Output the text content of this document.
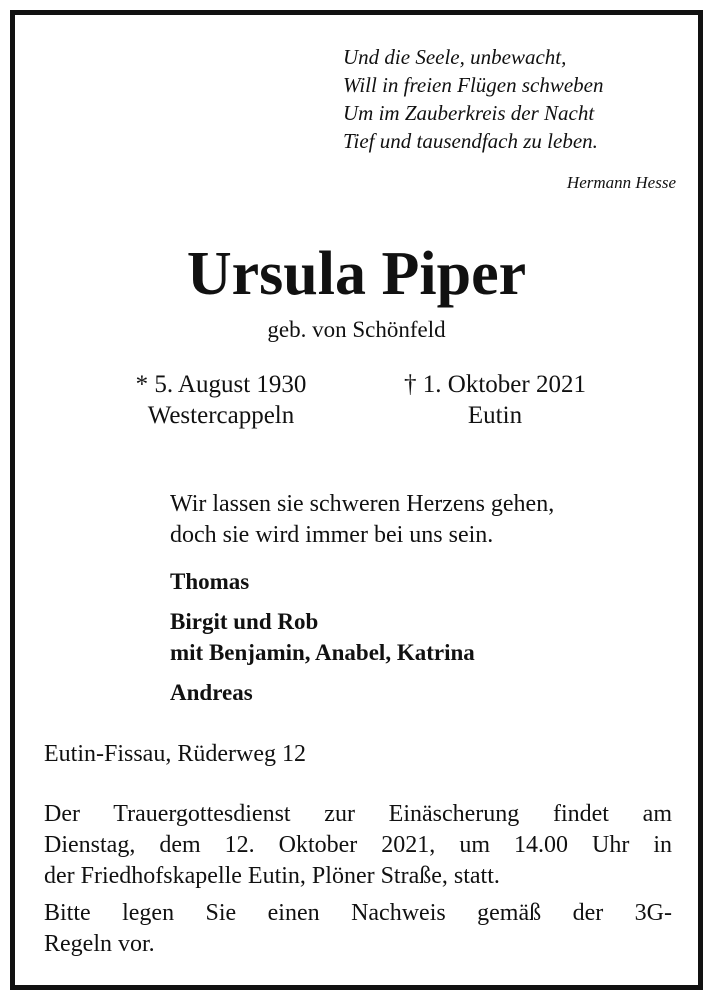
Und die Seele, unbewacht,
Will in freien Flügen schweben
Um im Zauberkreis der Nacht
Tief und tausendfach zu leben.
Hermann Hesse
Ursula Piper
geb. von Schönfeld
* 5. August 1930
Westercappeln
† 1. Oktober 2021
Eutin
Wir lassen sie schweren Herzens gehen,
doch sie wird immer bei uns sein.
Thomas
Birgit und Rob
mit Benjamin, Anabel, Katrina
Andreas
Eutin-Fissau, Rüderweg 12

Der Trauergottesdienst zur Einäscherung findet am
Dienstag, dem 12. Oktober 2021, um 14.00 Uhr in
der Friedhofskapelle Eutin, Plöner Straße, statt.

Bitte legen Sie einen Nachweis gemäß der 3G-
Regeln vor.
